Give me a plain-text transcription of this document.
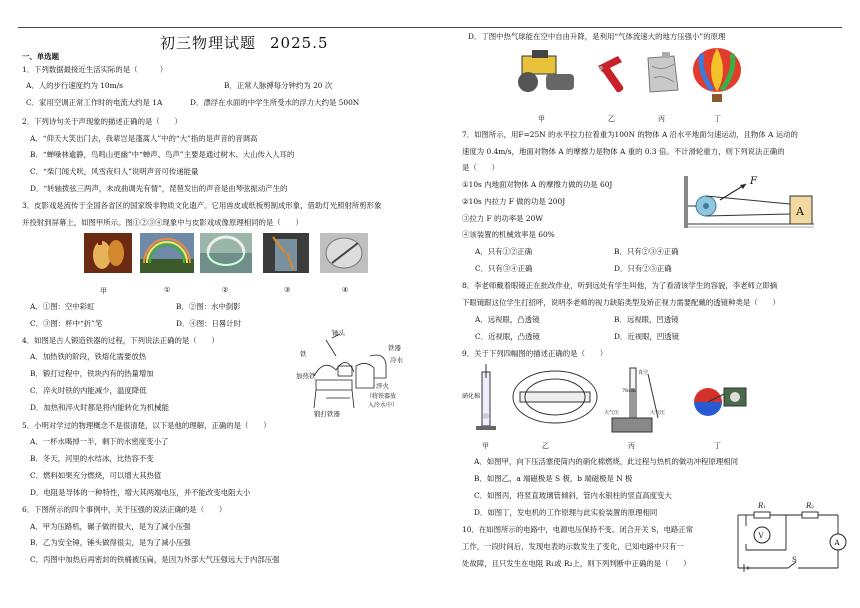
初三物理试题 2025.5
一、单选题
1．下列数据最接近生活实际的是（　　　）
A．人的步行速度约为 10m/s	B．正常人脉搏每分钟约为 20 次
C．家用空调正常工作时的电流大约是 1A	D．漂浮在水面的中学生所受水的浮力大约是 500N
2．下列诗句关于声现象的描述正确的是（　　）
A．“仰天大笑出门去，我辈岂是蓬蒿人”中的“大”指的是声音的音调高
B．“蝉噪林逾静，鸟鸣山更幽”中“蝉声、鸟声”主要是通过树木、大山传入人耳的
C．“柴门闻犬吠，风雪夜归人”说明声音可传递能量
D．“转轴拨弦三两声，未成曲调先有情”，琵琶发出的声音是由琴弦振动产生的
3．皮影戏是流传于全国各省区的国家级非物质文化遗产。它用兽皮或纸板剪制成形象，借助灯光照射所剪形象
并投射到屏幕上，如图甲所示。图①②③④现象中与皮影戏成像原理相同的是（　　）
甲	①	②	③	④
A．①图：空中彩虹	B．②图：水中倒影
C．③图：杯中“折”笔	D．④图：日晷计时
4．如图是古人锻造铁器的过程，下列说法正确的是（　　）
A．加热铁的阶段，铁熔化需要放热
B．锻打过程中，铁块内有的热量增加
C．淬火时铁的内能减少，温度降低
D．加热和淬火时都是将内能转化为机械能
锤头
铁
铁器
冷水
加热铁
锻打铁器
淬火
（将铁器放
入冷水中）
5．小明对学过的物理概念不是很清楚，以下是他的理解，正确的是（　　）
A．一杯水喝掉一半，剩下的水密度变小了
B．冬天，河里的水结冰，比热容不变
C．燃料如果充分燃烧，可以增大其热值
D．电阻是导体的一种特性，增大其两端电压，并不能改变电阻大小
6．下图所示的四个事例中，关于压强的说法正确的是（　　）
A．甲为压路机，碾子做的很大，是为了减小压强
B．乙为安全锤，锤头做得很尖，是为了减小压强
C．丙图中加热后再密封的铁桶被压扁，是因为外部大气压强远大于内部压强
D．丁图中热气球能在空中自由升降，是利用“气体流速大的地方压强小”的原理
甲	乙	丙	丁
7．如图所示，用F=25N 的水平拉力拉着重为100N 的物体 A 沿水平地面匀速运动，且物体 A 运动的
速度为 0.4m/s，地面对物体 A 的摩擦力是物体 A 重的 0.3 倍。不计滑轮重力，则下列说法正确的
是（　　）
①10s 内地面对物体 A 的摩擦力做的功是 60J
②10s 内拉力 F 做的功是 200J
③拉力 F 的功率是 20W
④该装置的机械效率是 60%
A．只有①②正确	B．只有②③④正确
C．只有③④正确	D．只有②③正确
F
A
8．李老师戴着眼镜正在批改作业，听到远处有学生叫他，为了看清该学生的容貌，李老师立即摘
下眼镜跟这位学生打招呼，说明李老师的视力缺陷类型及矫正视力需要配戴的透镜种类是（　　）
A．远视眼，凸透镜	B．远视眼，凹透镜
C．近视眼，凸透镜	D．近视眼，凹透镜
9．关于下列四幅图的描述正确的是（　　）
硝化棉
76cm
真空
大气压	大气压
甲	乙	丙	丁
A．如图甲，向下压活塞使筒内的硝化棉燃烧，此过程与热机的做功冲程原理相同
B．如图乙，a 端磁极是 S 极，b 端磁极是 N 极
C．如图丙，将竖直玻璃管倾斜，管内水银柱的竖直高度变大
D．如图丁，发电机的工作原理与此实验装置的原理相同
10．在如图所示的电路中，电源电压保持不变。闭合开关 S，电路正常
工作，一段时间后，发现电表的示数发生了变化，已知电路中只有一
处故障，且只发生在电阻 R₁或 R₂上，则下列判断中正确的是（　　）
R₁	R₂
V
A
S
